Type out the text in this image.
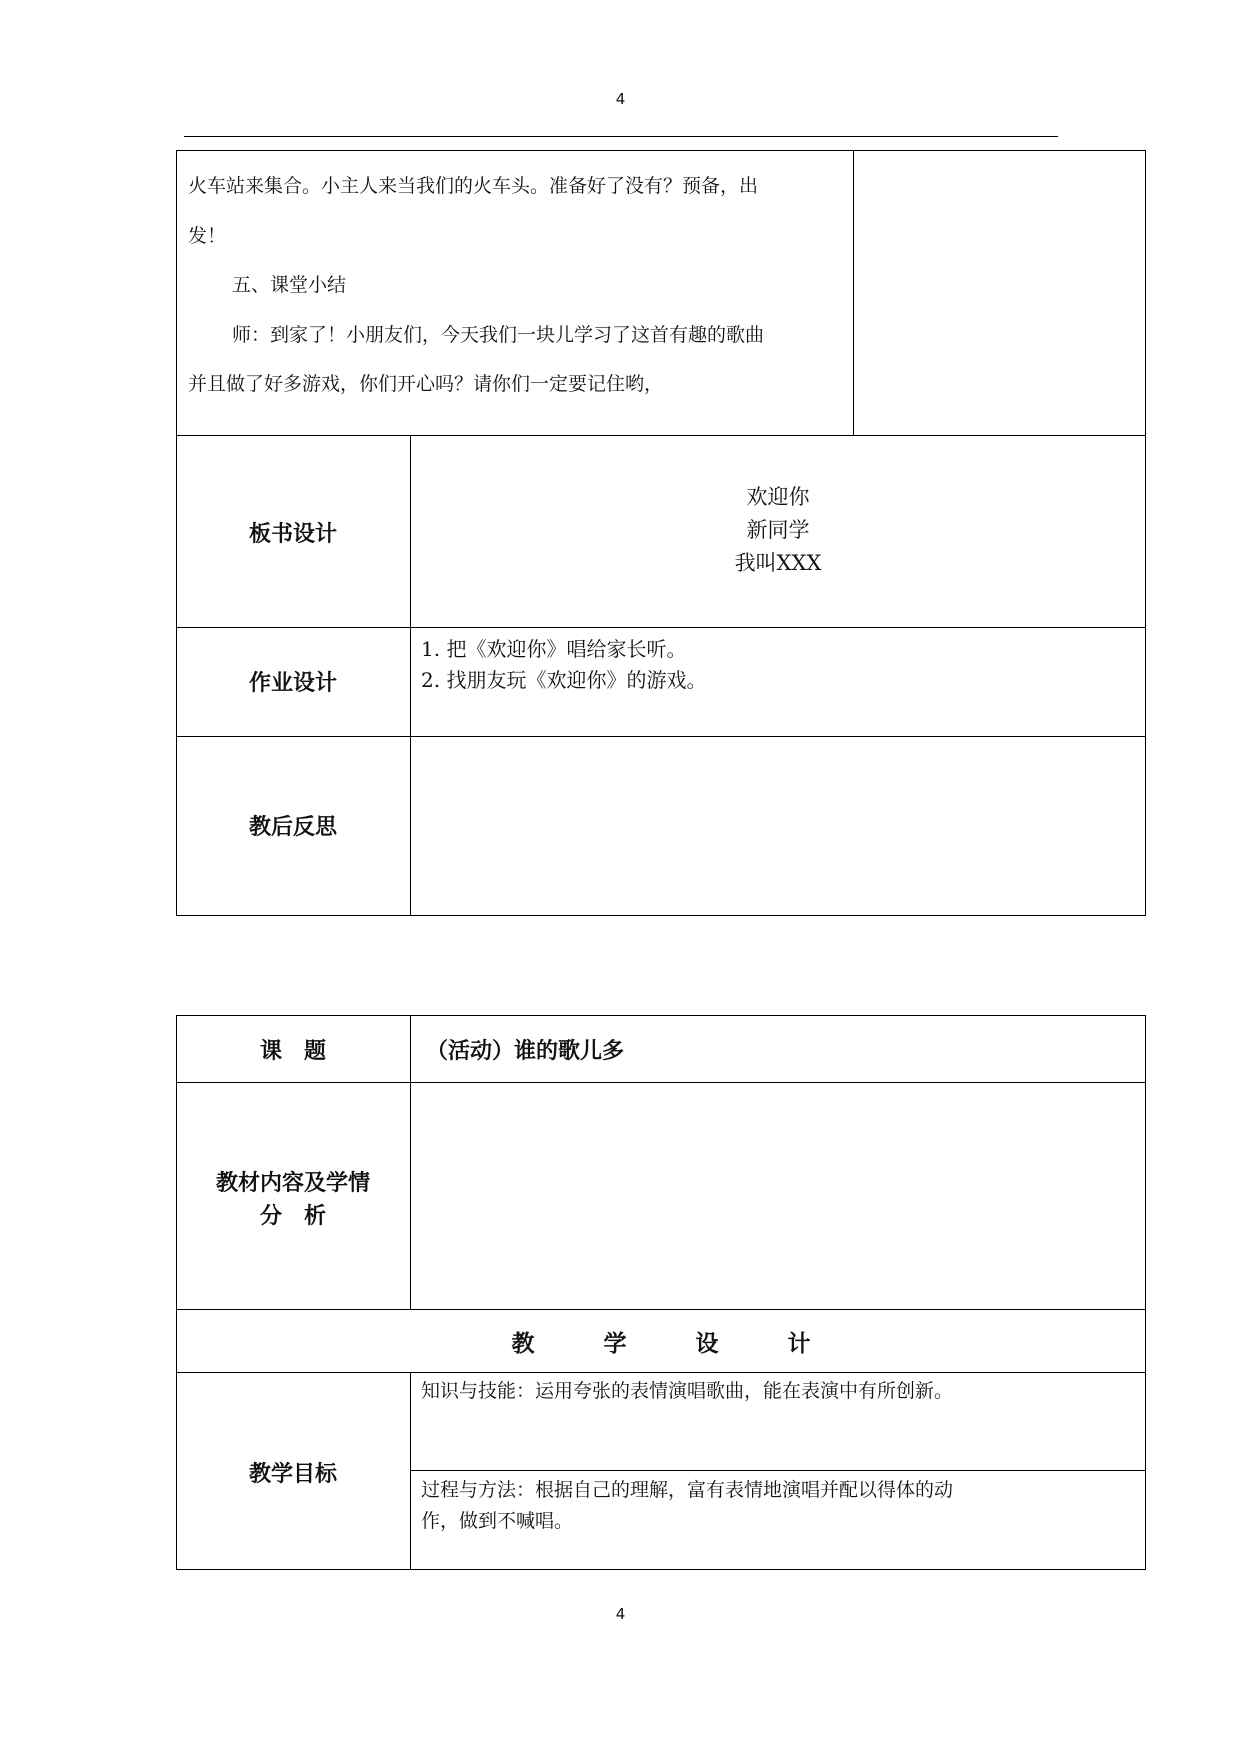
4
火车站来集合。小主人来当我们的火车头。准备好了没有？预备，出
发！
五、课堂小结
师：到家了！小朋友们，今天我们一块儿学习了这首有趣的歌曲
并且做了好多游戏，你们开心吗？请你们一定要记住哟，
板书设计
欢迎你
新同学
我叫XXX
作业设计
1. 把《欢迎你》唱给家长听。
2. 找朋友玩《欢迎你》的游戏。
教后反思
课　题	（活动）谁的歌儿多
教材内容及学情
分　析
教　　　学　　　设　　　计
教学目标
知识与技能：运用夸张的表情演唱歌曲，能在表演中有所创新。
过程与方法：根据自己的理解，富有表情地演唱并配以得体的动
作，做到不喊唱。
4
